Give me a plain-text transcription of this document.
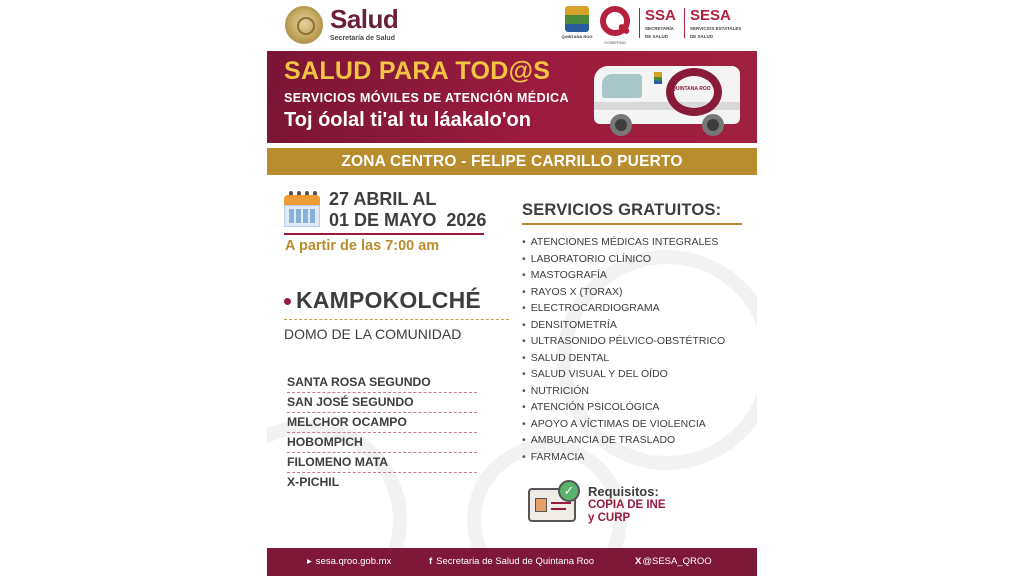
Salud
Secretaría de Salud	QUINTANA ROO
GOBIERNO
SSA
SECRETARÍA
DE SALUD
SESA
SERVICIOS ESTATALES
DE SALUD
SALUD PARA TOD@S
SERVICIOS MÓVILES DE ATENCIÓN MÉDICA
Toj óolal ti'al tu láakalo'on
QUINTANA ROO
ZONA CENTRO - FELIPE CARRILLO PUERTO
27 ABRIL AL
01 DE MAYO  2026
A partir de las 7:00 am
KAMPOKOLCHÉ
DOMO DE LA COMUNIDAD
SANTA ROSA SEGUNDO
SAN JOSÉ SEGUNDO
MELCHOR OCAMPO
HOBOMPICH
FILOMENO MATA
X-PICHIL
SERVICIOS GRATUITOS:
• ATENCIONES MÉDICAS INTEGRALES
• LABORATORIO CLÍNICO
• MASTOGRAFÍA
• RAYOS X (TORAX)
• ELECTROCARDIOGRAMA
• DENSITOMETRÍA
• ULTRASONIDO PÉLVICO-OBSTÉTRICO
• SALUD DENTAL
• SALUD VISUAL Y DEL OÍDO
• NUTRICIÓN
• ATENCIÓN PSICOLÓGICA
• APOYO A VÍCTIMAS DE VIOLENCIA
• AMBULANCIA DE TRASLADO
• FARMACIA
✓	Requisitos:
COPIA DE INE
y CURP
▸ sesa.qroo.gob.mx	f Secretaria de Salud de Quintana Roo	X@SESA_QROO
